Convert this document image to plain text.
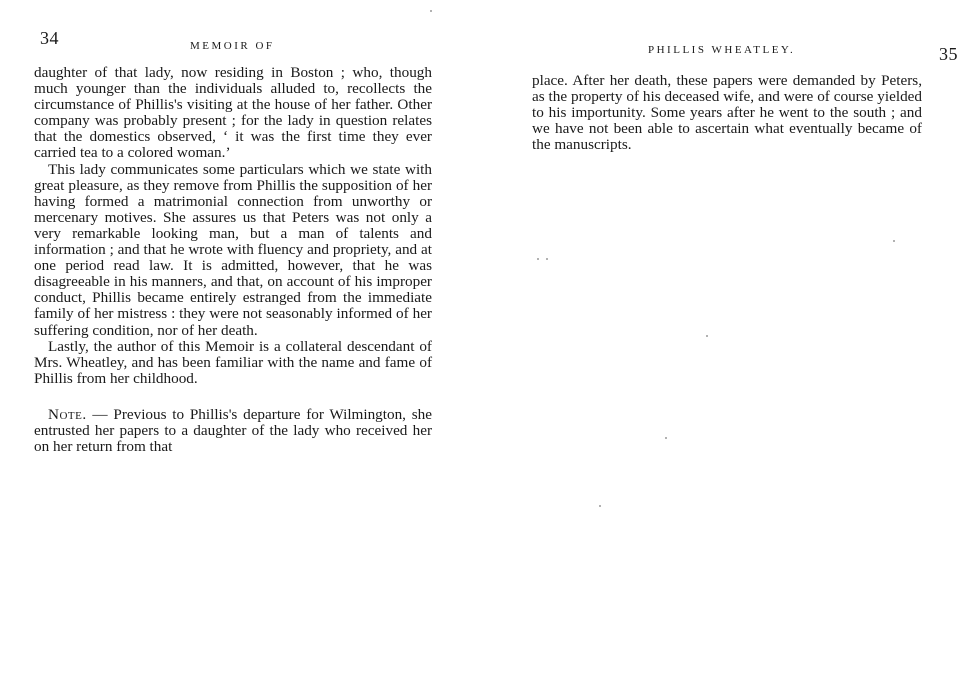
34	MEMOIR OF

daughter of that lady, now residing in Boston ; who, though much younger than the individuals alluded to, recollects the circumstance of Phillis's visiting at the house of her father. Other company was probably present ; for the lady in question relates that the domestics observed, ‘ it was the first time they ever carried tea to a colored woman.’

This lady communicates some particulars which we state with great pleasure, as they remove from Phillis the supposition of her having formed a matrimonial connection from unworthy or mercenary motives. She assures us that Peters was not only a very remarkable looking man, but a man of talents and information ; and that he wrote with fluency and propriety, and at one period read law. It is admitted, however, that he was disagreeable in his manners, and that, on account of his improper conduct, Phillis became entirely estranged from the immediate family of her mistress : they were not seasonably informed of her suffering condition, nor of her death.

Lastly, the author of this Memoir is a collateral descendant of Mrs. Wheatley, and has been familiar with the name and fame of Phillis from her childhood.

Note. — Previous to Phillis's departure for Wilmington, she entrusted her papers to a daughter of the lady who received her on her return from that

PHILLIS WHEATLEY.	35

place. After her death, these papers were demanded by Peters, as the property of his deceased wife, and were of course yielded to his importunity. Some years after he went to the south ; and we have not been able to ascertain what eventually became of the manuscripts.
